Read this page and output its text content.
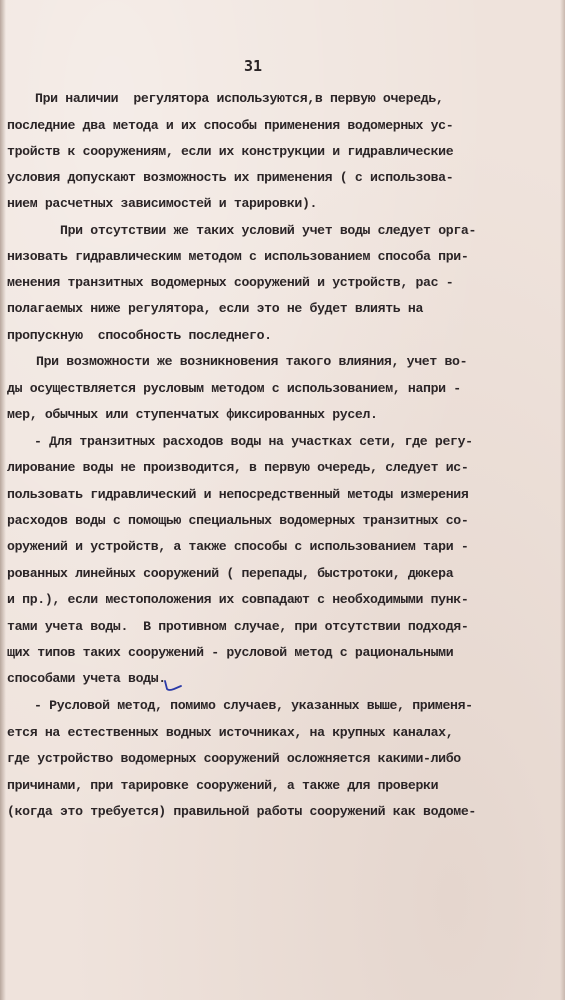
31
При наличии  регулятора используются,в первую очередь,
последние два метода и их способы применения водомерных ус-
тройств к сооружениям, если их конструкции и гидравлические
условия допускают возможность их применения ( с использова-
нием расчетных зависимостей и тарировки).
При отсутствии же таких условий учет воды следует орга-
низовать гидравлическим методом с использованием способа при-
менения транзитных водомерных сооружений и устройств, рас -
полагаемых ниже регулятора, если это не будет влиять на
пропускную  способность последнего.
При возможности же возникновения такого влияния, учет во-
ды осуществляется русловым методом с использованием, напри -
мер, обычных или ступенчатых фиксированных русел.
- Для транзитных расходов воды на участках сети, где регу-
лирование воды не производится, в первую очередь, следует ис-
пользовать гидравлический и непосредственный методы измерения
расходов воды с помощью специальных водомерных транзитных со-
оружений и устройств, а также способы с использованием тари -
рованных линейных сооружений ( перепады, быстротоки, дюкера
и пр.), если местоположения их совпадают с необходимыми пунк-
тами учета воды.  В противном случае, при отсутствии подходя-
щих типов таких сооружений - русловой метод с рациональными
способами учета воды.
- Русловой метод, помимо случаев, указанных выше, применя-
ется на естественных водных источниках, на крупных каналах,
где устройство водомерных сооружений осложняется какими-либо
причинами, при тарировке сооружений, а также для проверки
(когда это требуется) правильной работы сооружений как водоме-
